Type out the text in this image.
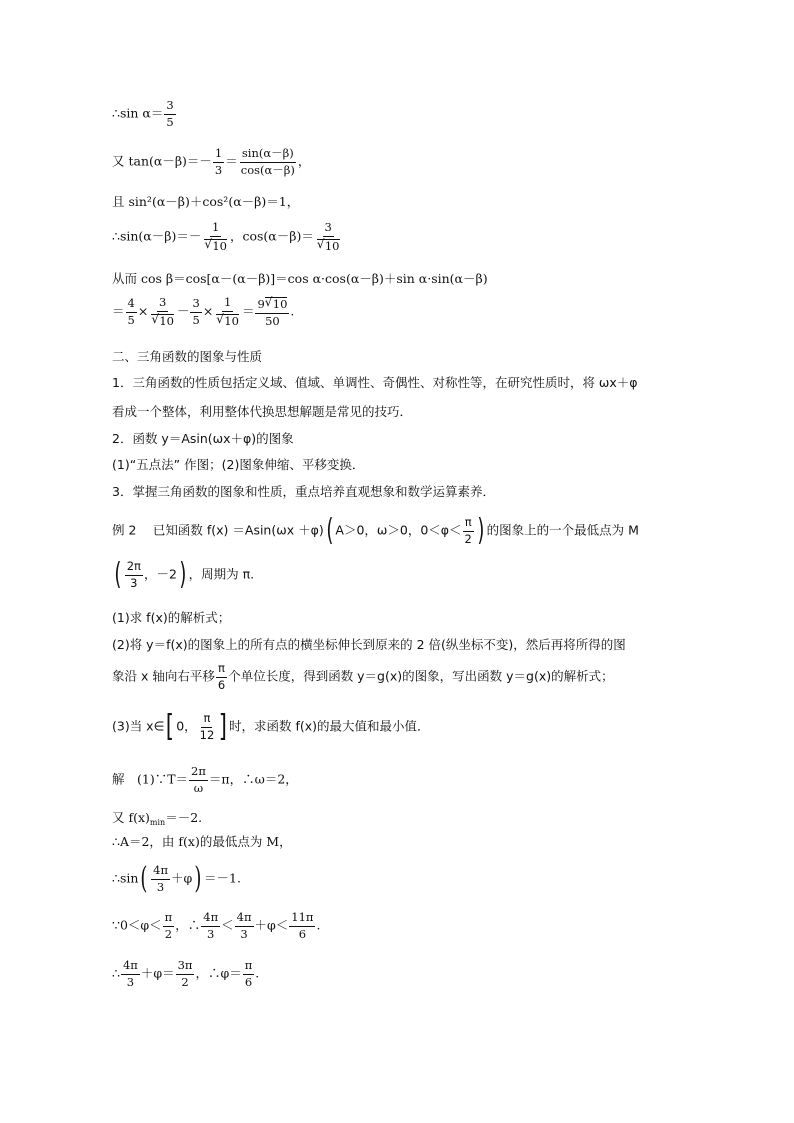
∴sin $\alpha= \frac{3}{5}$
又 $\tan(\alpha-\beta)=- \frac{1}{3} = \frac{\sin(\alpha-\beta)}{\cos(\alpha-\beta)}$ ，
且 sin²(α－β)＋cos²(α－β)＝1，
∴sin(α－β)＝－ 1
√ 10 ，cos(α－β)＝ 3
√ 10
从而 cos β＝cos[α－(α－β)]＝cos α·cos(α－β)＋sin α·sin(α－β)
＝ $\frac{4}{5} \times 3$
√ $10 - \frac{3}{5} \times 1$
√ $10 = \frac{9√ 10}{50}$ .
二、三角函数的图象与性质
1．三角函数的性质包括定义域、值域、单调性、奇偶性、对称性等，在研究性质时，将 ωx＋φ
看成一个整体，利用整体代换思想解题是常见的技巧．
2．函数 y＝Asin(ωx＋φ)的图象
(1)“五点法” 作图；(2)图象伸缩、平移变换．
3．掌握三角函数的图象和性质，重点培养直观想象和数学运算素养．
例 2　 已知函数 f(x) ＝Asin(ωx ＋φ)( A＞0，ω＞0，$0<\varphi< \frac{\pi}{2}$ ) 的图象上的一个最低点为 M
( $\frac{2\pi}{3}$ ，－2) ，周期为 π.
(1)求 f(x)的解析式；
(2)将 y＝f(x)的图象上的所有点的横坐标伸长到原来的 2 倍(纵坐标不变)，然后再将所得的图
象沿 x 轴向右平移 $\frac{\pi}{6}$ 个单位长度，得到函数 y＝g(x)的图象，写出函数 y＝g(x)的解析式；
(3)当 x∈[ 0， $\frac{\pi}{12}$ ] 时，求函数 f(x)的最大值和最小值．
解　(1)∵T＝ $\frac{2\pi}{\omega} =\pi$，∴ω＝2，
又 $f(x)_{min}=-2$.
∴A＝2，由 f(x)的最低点为 M，
∴sin( $\frac{4\pi}{3} +\varphi) =-1$.
∵0＜φ＜ $\frac{\pi}{2}$ ，∴ $\frac{4\pi}{3} < \frac{4\pi}{3} +\varphi< \frac{11\pi}{6}$ .
∴ $\frac{4\pi}{3} +\varphi= \frac{3\pi}{2}$ ，∴φ＝ $\frac{\pi}{6}$ .
